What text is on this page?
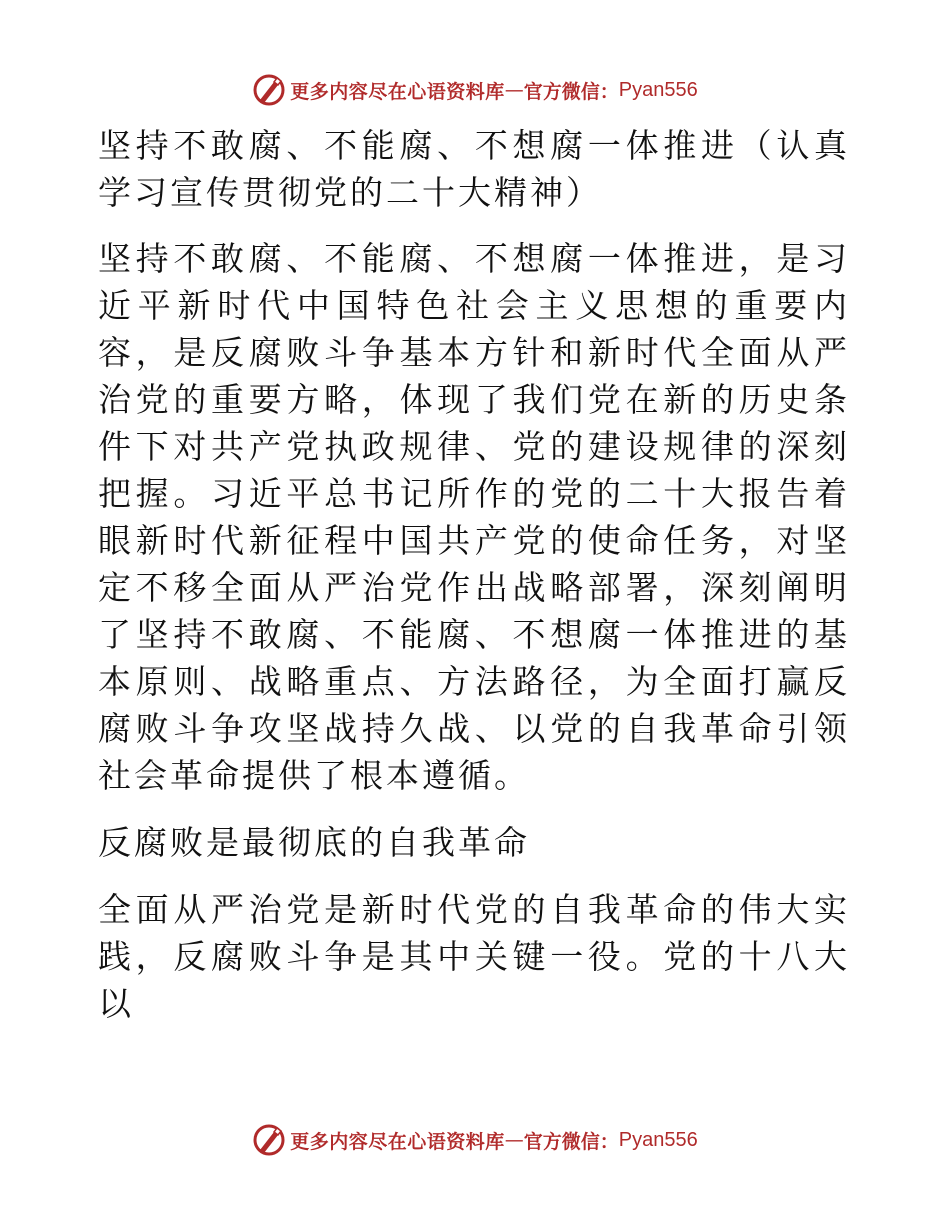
更多内容尽在心语资料库 — 官方微信： Pyan556

坚持不敢腐、不能腐、不想腐一体推进（认真学习宣传贯彻党的二十大精神）

坚持不敢腐、不能腐、不想腐一体推进，是习近平新时代中国特色社会主义思想的重要内容，是反腐败斗争基本方针和新时代全面从严治党的重要方略，体现了我们党在新的历史条件下对共产党执政规律、党的建设规律的深刻把握。习近平总书记所作的党的二十大报告着眼新时代新征程中国共产党的使命任务，对坚定不移全面从严治党作出战略部署，深刻阐明了坚持不敢腐、不能腐、不想腐一体推进的基本原则、战略重点、方法路径，为全面打赢反腐败斗争攻坚战持久战、以党的自我革命引领社会革命提供了根本遵循。

反腐败是最彻底的自我革命

全面从严治党是新时代党的自我革命的伟大实践，反腐败斗争是其中关键一役。党的十八大以

更多内容尽在心语资料库 — 官方微信： Pyan556
